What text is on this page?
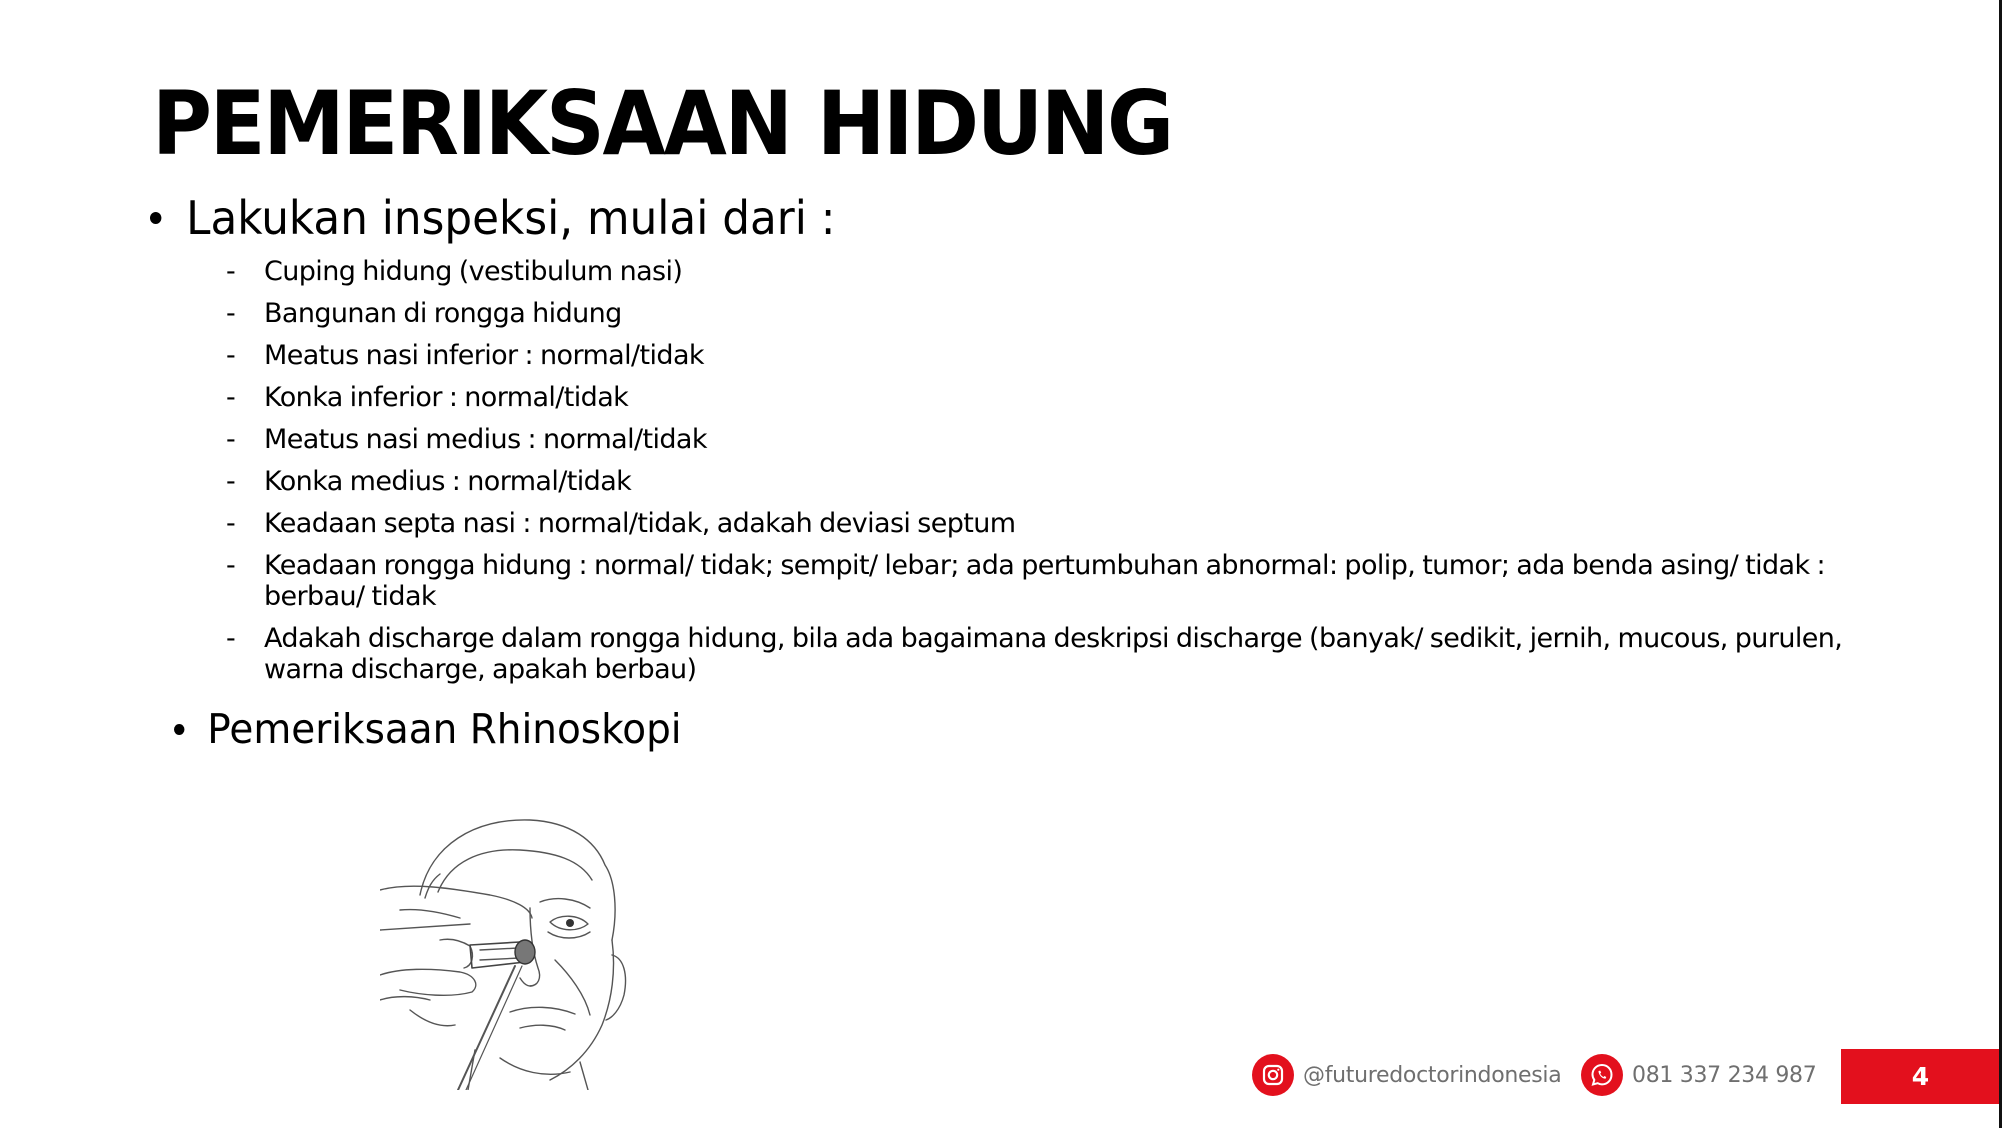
PEMERIKSAAN HIDUNG
Lakukan inspeksi, mulai dari :
-	Cuping hidung (vestibulum nasi)
-	Bangunan di rongga hidung
-	Meatus nasi inferior : normal/tidak
-	Konka inferior : normal/tidak
-	Meatus nasi medius : normal/tidak
-	Konka medius : normal/tidak
-	Keadaan septa nasi : normal/tidak, adakah deviasi septum
-	Keadaan rongga hidung : normal/ tidak; sempit/ lebar; ada pertumbuhan abnormal: polip, tumor; ada benda asing/ tidak : berbau/ tidak
-	Adakah discharge dalam rongga hidung, bila ada bagaimana deskripsi discharge (banyak/ sedikit, jernih, mucous, purulen, warna discharge, apakah berbau)
Pemeriksaan Rhinoskopi
@futuredoctorindonesia	081 337 234 987	4
